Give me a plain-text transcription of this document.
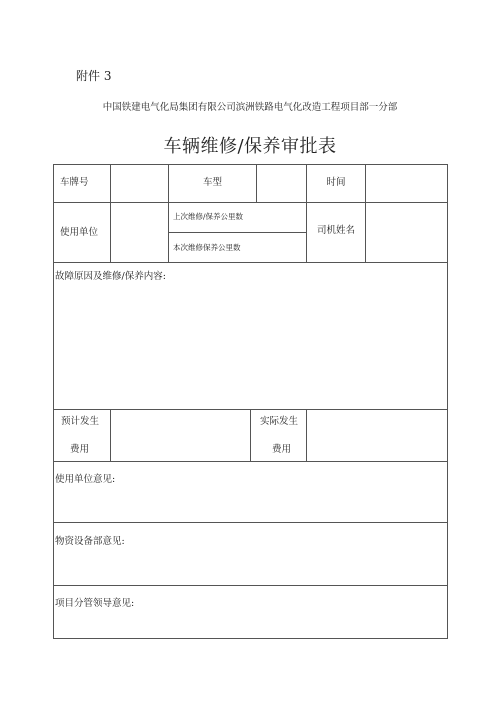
附件 3
中国铁建电气化局集团有限公司滨洲铁路电气化改造工程项目部一分部
车辆维修/保养审批表
车牌号	车型	时间
使用单位
上次维修/保养公里数
本次维修保养公里数
司机姓名
故障原因及维修/保养内容:
预计发生
费用
实际发生
费用
使用单位意见:
物资设备部意见:
项目分管领导意见:
